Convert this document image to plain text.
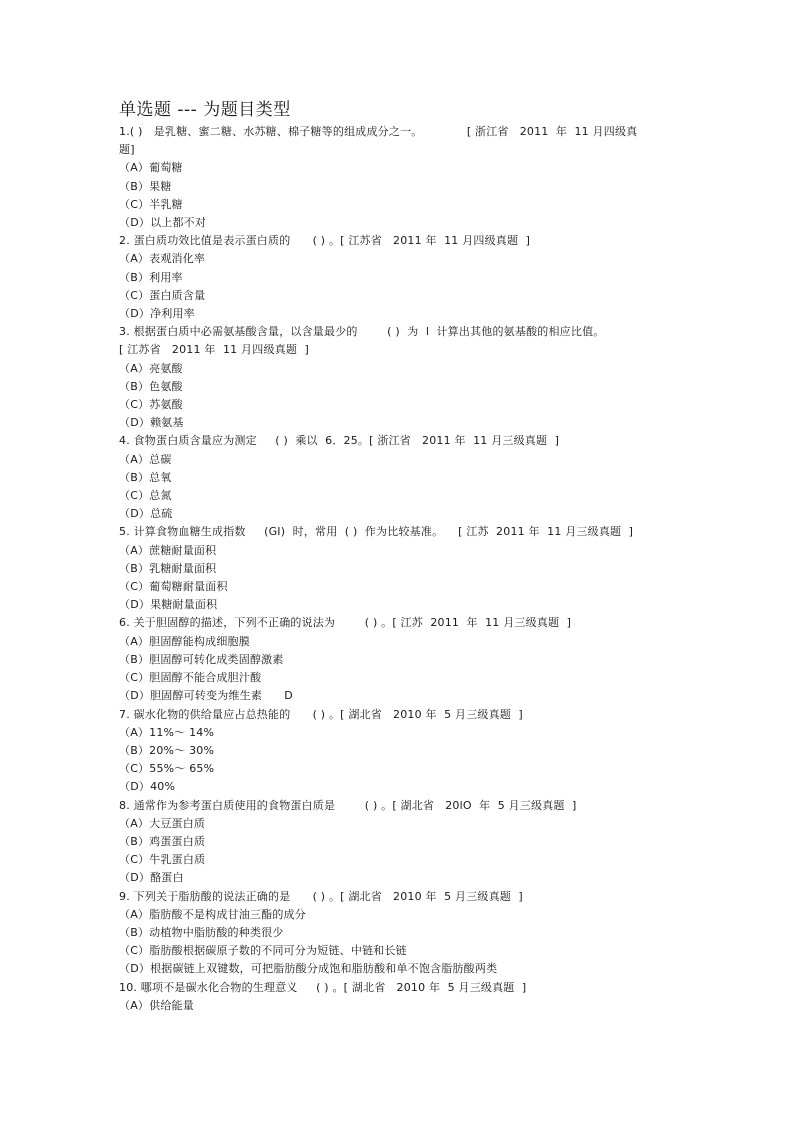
单选题 --- 为题目类型
1.( )   是乳糖、蜜二糖、水苏糖、棉子糖等的组成成分之一。            [ 浙江省   2011  年  11 月四级真
题]
（A）葡萄糖
（B）果糖
（C）半乳糖
（D）以上都不对
2. 蛋白质功效比值是表示蛋白质的      ( ) 。[ 江苏省   2011 年  11 月四级真题  ]
（A）表观消化率
（B）利用率
（C）蛋白质含量
（D）净利用率
3. 根据蛋白质中必需氨基酸含量，以含量最少的        ( )  为  l  计算出其他的氨基酸的相应比值。
[ 江苏省   2011 年  11 月四级真题  ]
（A）亮氨酸
（B）色氨酸
（C）苏氨酸
（D）赖氨基
4. 食物蛋白质含量应为测定     ( )  乘以  6．25。[ 浙江省   2011 年  11 月三级真题  ]
（A）总碳
（B）总氧
（C）总氮
（D）总硫
5. 计算食物血糖生成指数     (GI)  时，常用  ( )  作为比较基准。    [ 江苏  2011 年  11 月三级真题  ]
（A）蔗糖耐量面积
（B）乳糖耐量面积
（C）葡萄糖耐量面积
（D）果糖耐量面积
6. 关于胆固醇的描述，下列不正确的说法为        ( ) 。[ 江苏  2011  年  11 月三级真题  ]
（A）胆固醇能构成细胞膜
（B）胆固醇可转化成类固醇激素
（C）胆固醇不能合成胆汁酸
（D）胆固醇可转变为维生素      D
7. 碳水化物的供给量应占总热能的      ( ) 。[ 湖北省   2010 年  5 月三级真题  ]
（A）11%～ 14%
（B）20%～ 30%
（C）55%～ 65%
（D）40%
8. 通常作为参考蛋白质使用的食物蛋白质是        ( ) 。[ 湖北省   20lO  年  5 月三级真题  ]
（A）大豆蛋白质
（B）鸡蛋蛋白质
（C）牛乳蛋白质
（D）酪蛋白
9. 下列关于脂肪酸的说法正确的是      ( ) 。[ 湖北省   2010 年  5 月三级真题  ]
（A）脂肪酸不是构成甘油三酯的成分
（B）动植物中脂肪酸的种类很少
（C）脂肪酸根据碳原子数的不同可分为短链、中链和长链
（D）根据碳链上双键数，可把脂肪酸分成饱和脂肪酸和单不饱含脂肪酸两类
10. 哪项不是碳水化合物的生理意义     ( ) 。[ 湖北省   2010 年  5 月三级真题  ]
（A）供给能量
